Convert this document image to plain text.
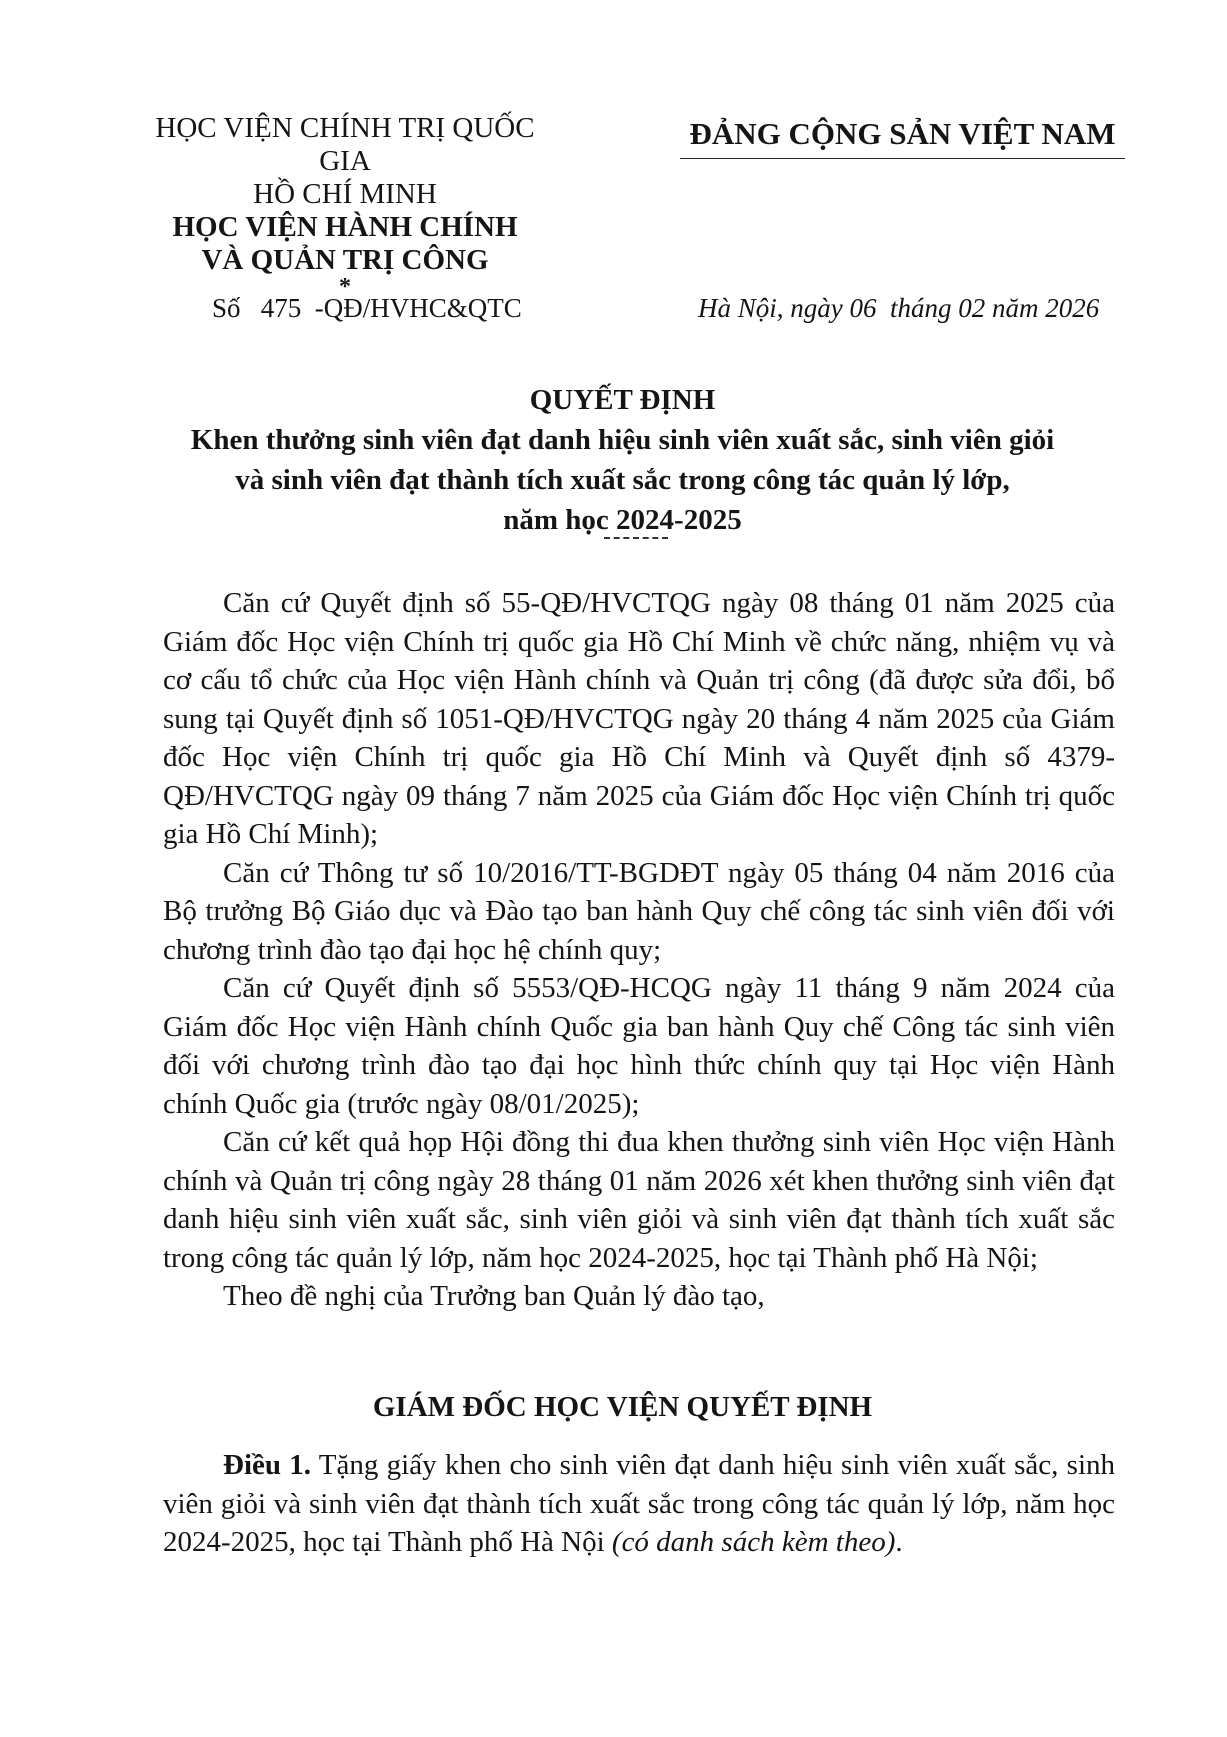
HỌC VIỆN CHÍNH TRỊ QUỐC GIA
HỒ CHÍ MINH
HỌC VIỆN HÀNH CHÍNH
VÀ QUẢN TRỊ CÔNG
*
ĐẢNG CỘNG SẢN VIỆT NAM
Số   475  -QĐ/HVHC&QTC	Hà Nội, ngày 06  tháng 02 năm 2026
QUYẾT ĐỊNH
Khen thưởng sinh viên đạt danh hiệu sinh viên xuất sắc, sinh viên giỏi
và sinh viên đạt thành tích xuất sắc trong công tác quản lý lớp,
năm học 2024-2025

Căn cứ Quyết định số 55-QĐ/HVCTQG ngày 08 tháng 01 năm 2025 của Giám đốc Học viện Chính trị quốc gia Hồ Chí Minh về chức năng, nhiệm vụ và cơ cấu tổ chức của Học viện Hành chính và Quản trị công (đã được sửa đổi, bổ sung tại Quyết định số 1051-QĐ/HVCTQG ngày 20 tháng 4 năm 2025 của Giám đốc Học viện Chính trị quốc gia Hồ Chí Minh và Quyết định số 4379-QĐ/HVCTQG ngày 09 tháng 7 năm 2025 của Giám đốc Học viện Chính trị quốc gia Hồ Chí Minh);

Căn cứ Thông tư số 10/2016/TT-BGDĐT ngày 05 tháng 04 năm 2016 của Bộ trưởng Bộ Giáo dục và Đào tạo ban hành Quy chế công tác sinh viên đối với chương trình đào tạo đại học hệ chính quy;

Căn cứ Quyết định số 5553/QĐ-HCQG ngày 11 tháng 9 năm 2024 của Giám đốc Học viện Hành chính Quốc gia ban hành Quy chế Công tác sinh viên đối với chương trình đào tạo đại học hình thức chính quy tại Học viện Hành chính Quốc gia (trước ngày 08/01/2025);

Căn cứ kết quả họp Hội đồng thi đua khen thưởng sinh viên Học viện Hành chính và Quản trị công ngày 28 tháng 01 năm 2026 xét khen thưởng sinh viên đạt danh hiệu sinh viên xuất sắc, sinh viên giỏi và sinh viên đạt thành tích xuất sắc trong công tác quản lý lớp, năm học 2024-2025, học tại Thành phố Hà Nội;

Theo đề nghị của Trưởng ban Quản lý đào tạo,

GIÁM ĐỐC HỌC VIỆN QUYẾT ĐỊNH

Điều 1. Tặng giấy khen cho sinh viên đạt danh hiệu sinh viên xuất sắc, sinh viên giỏi và sinh viên đạt thành tích xuất sắc trong công tác quản lý lớp, năm học 2024-2025, học tại Thành phố Hà Nội (có danh sách kèm theo).
